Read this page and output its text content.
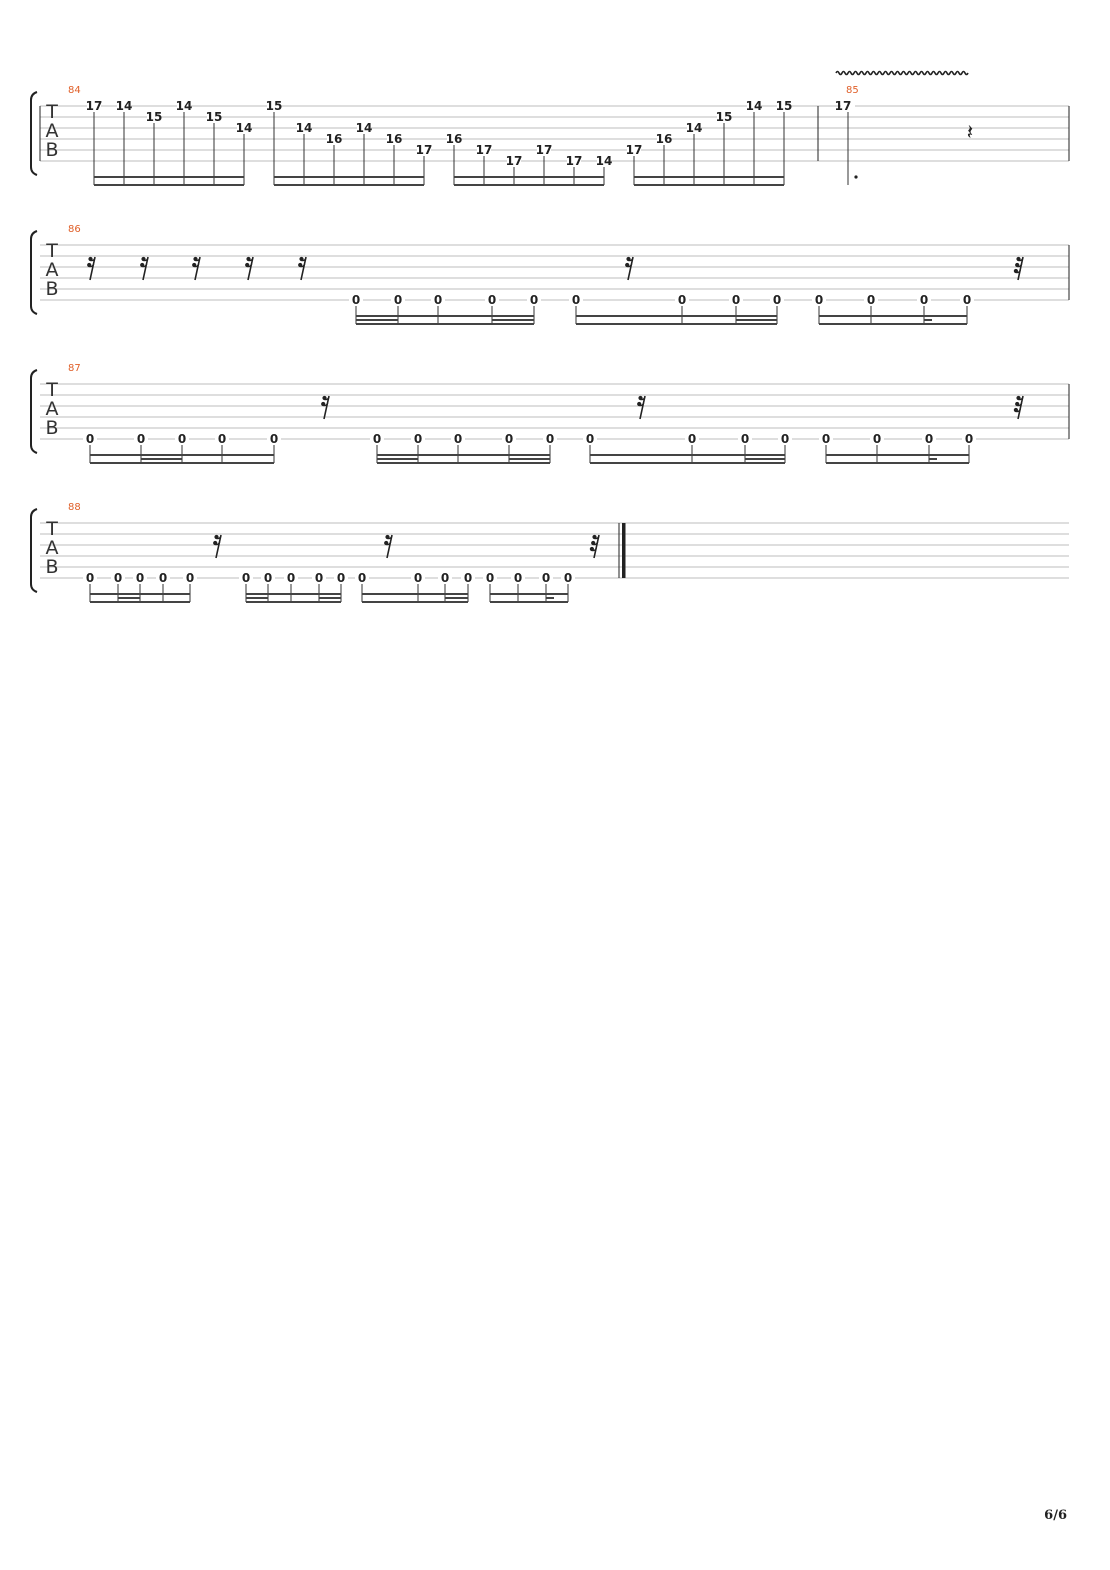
T
A
B
84
17 14
15
14
15
14
15
14
16
14
16
17
16
17
17
17
17 14
17
16
14
15
14 15
85
17
𝄽
T
A
B
86
0	0	0	0	0	0	0	0	0	0	0	0	0
T
A
B
87
0	0	0	0	0	0	0	0	0	0	0	0	0	0	0	0	0	0
T
A
B
88
0 0 0 0 0	0 0 0 0 0 0	0 0 0 0 0 0 0
6/6
